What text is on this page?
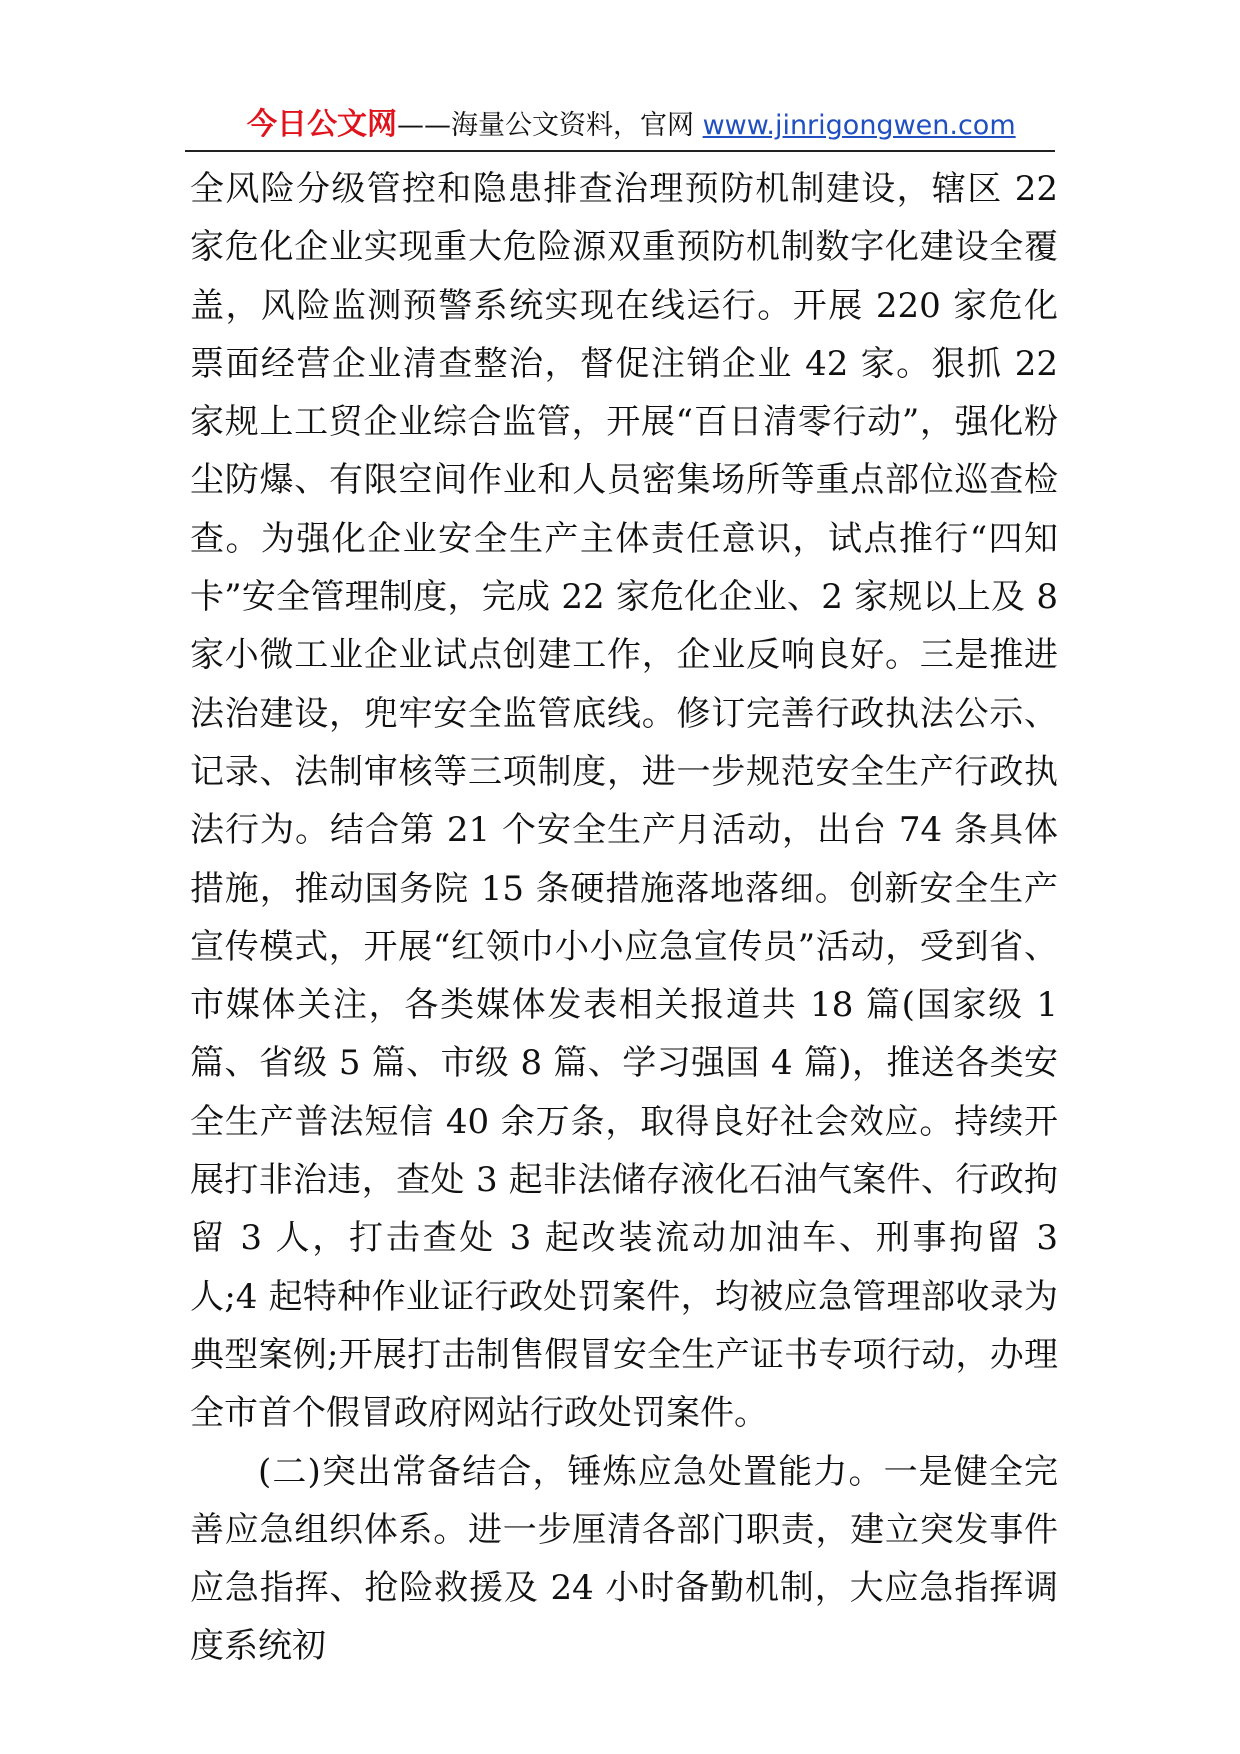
今日公文网——海量公文资料，官网 www.jinrigongwen.com

全风险分级管控和隐患排查治理预防机制建设，辖区 22 家危化企业实现重大危险源双重预防机制数字化建设全覆盖，风险监测预警系统实现在线运行。开展 220 家危化票面经营企业清查整治，督促注销企业 42 家。狠抓 22 家规上工贸企业综合监管，开展“百日清零行动”，强化粉尘防爆、有限空间作业和人员密集场所等重点部位巡查检查。为强化企业安全生产主体责任意识，试点推行“四知卡”安全管理制度，完成 22 家危化企业、2 家规以上及 8 家小微工业企业试点创建工作，企业反响良好。三是推进法治建设，兜牢安全监管底线。修订完善行政执法公示、记录、法制审核等三项制度，进一步规范安全生产行政执法行为。结合第 21 个安全生产月活动，出台 74 条具体措施，推动国务院 15 条硬措施落地落细。创新安全生产宣传模式，开展“红领巾小小应急宣传员”活动，受到省、市媒体关注，各类媒体发表相关报道共 18 篇(国家级 1 篇、省级 5 篇、市级 8 篇、学习强国 4 篇)，推送各类安全生产普法短信 40 余万条，取得良好社会效应。持续开展打非治违，查处 3 起非法储存液化石油气案件、行政拘留 3 人，打击查处 3 起改装流动加油车、刑事拘留 3 人;4 起特种作业证行政处罚案件，均被应急管理部收录为典型案例;开展打击制售假冒安全生产证书专项行动，办理全市首个假冒政府网站行政处罚案件。

(二)突出常备结合，锤炼应急处置能力。一是健全完善应急组织体系。进一步厘清各部门职责，建立突发事件应急指挥、抢险救援及 24 小时备勤机制，大应急指挥调度系统初
